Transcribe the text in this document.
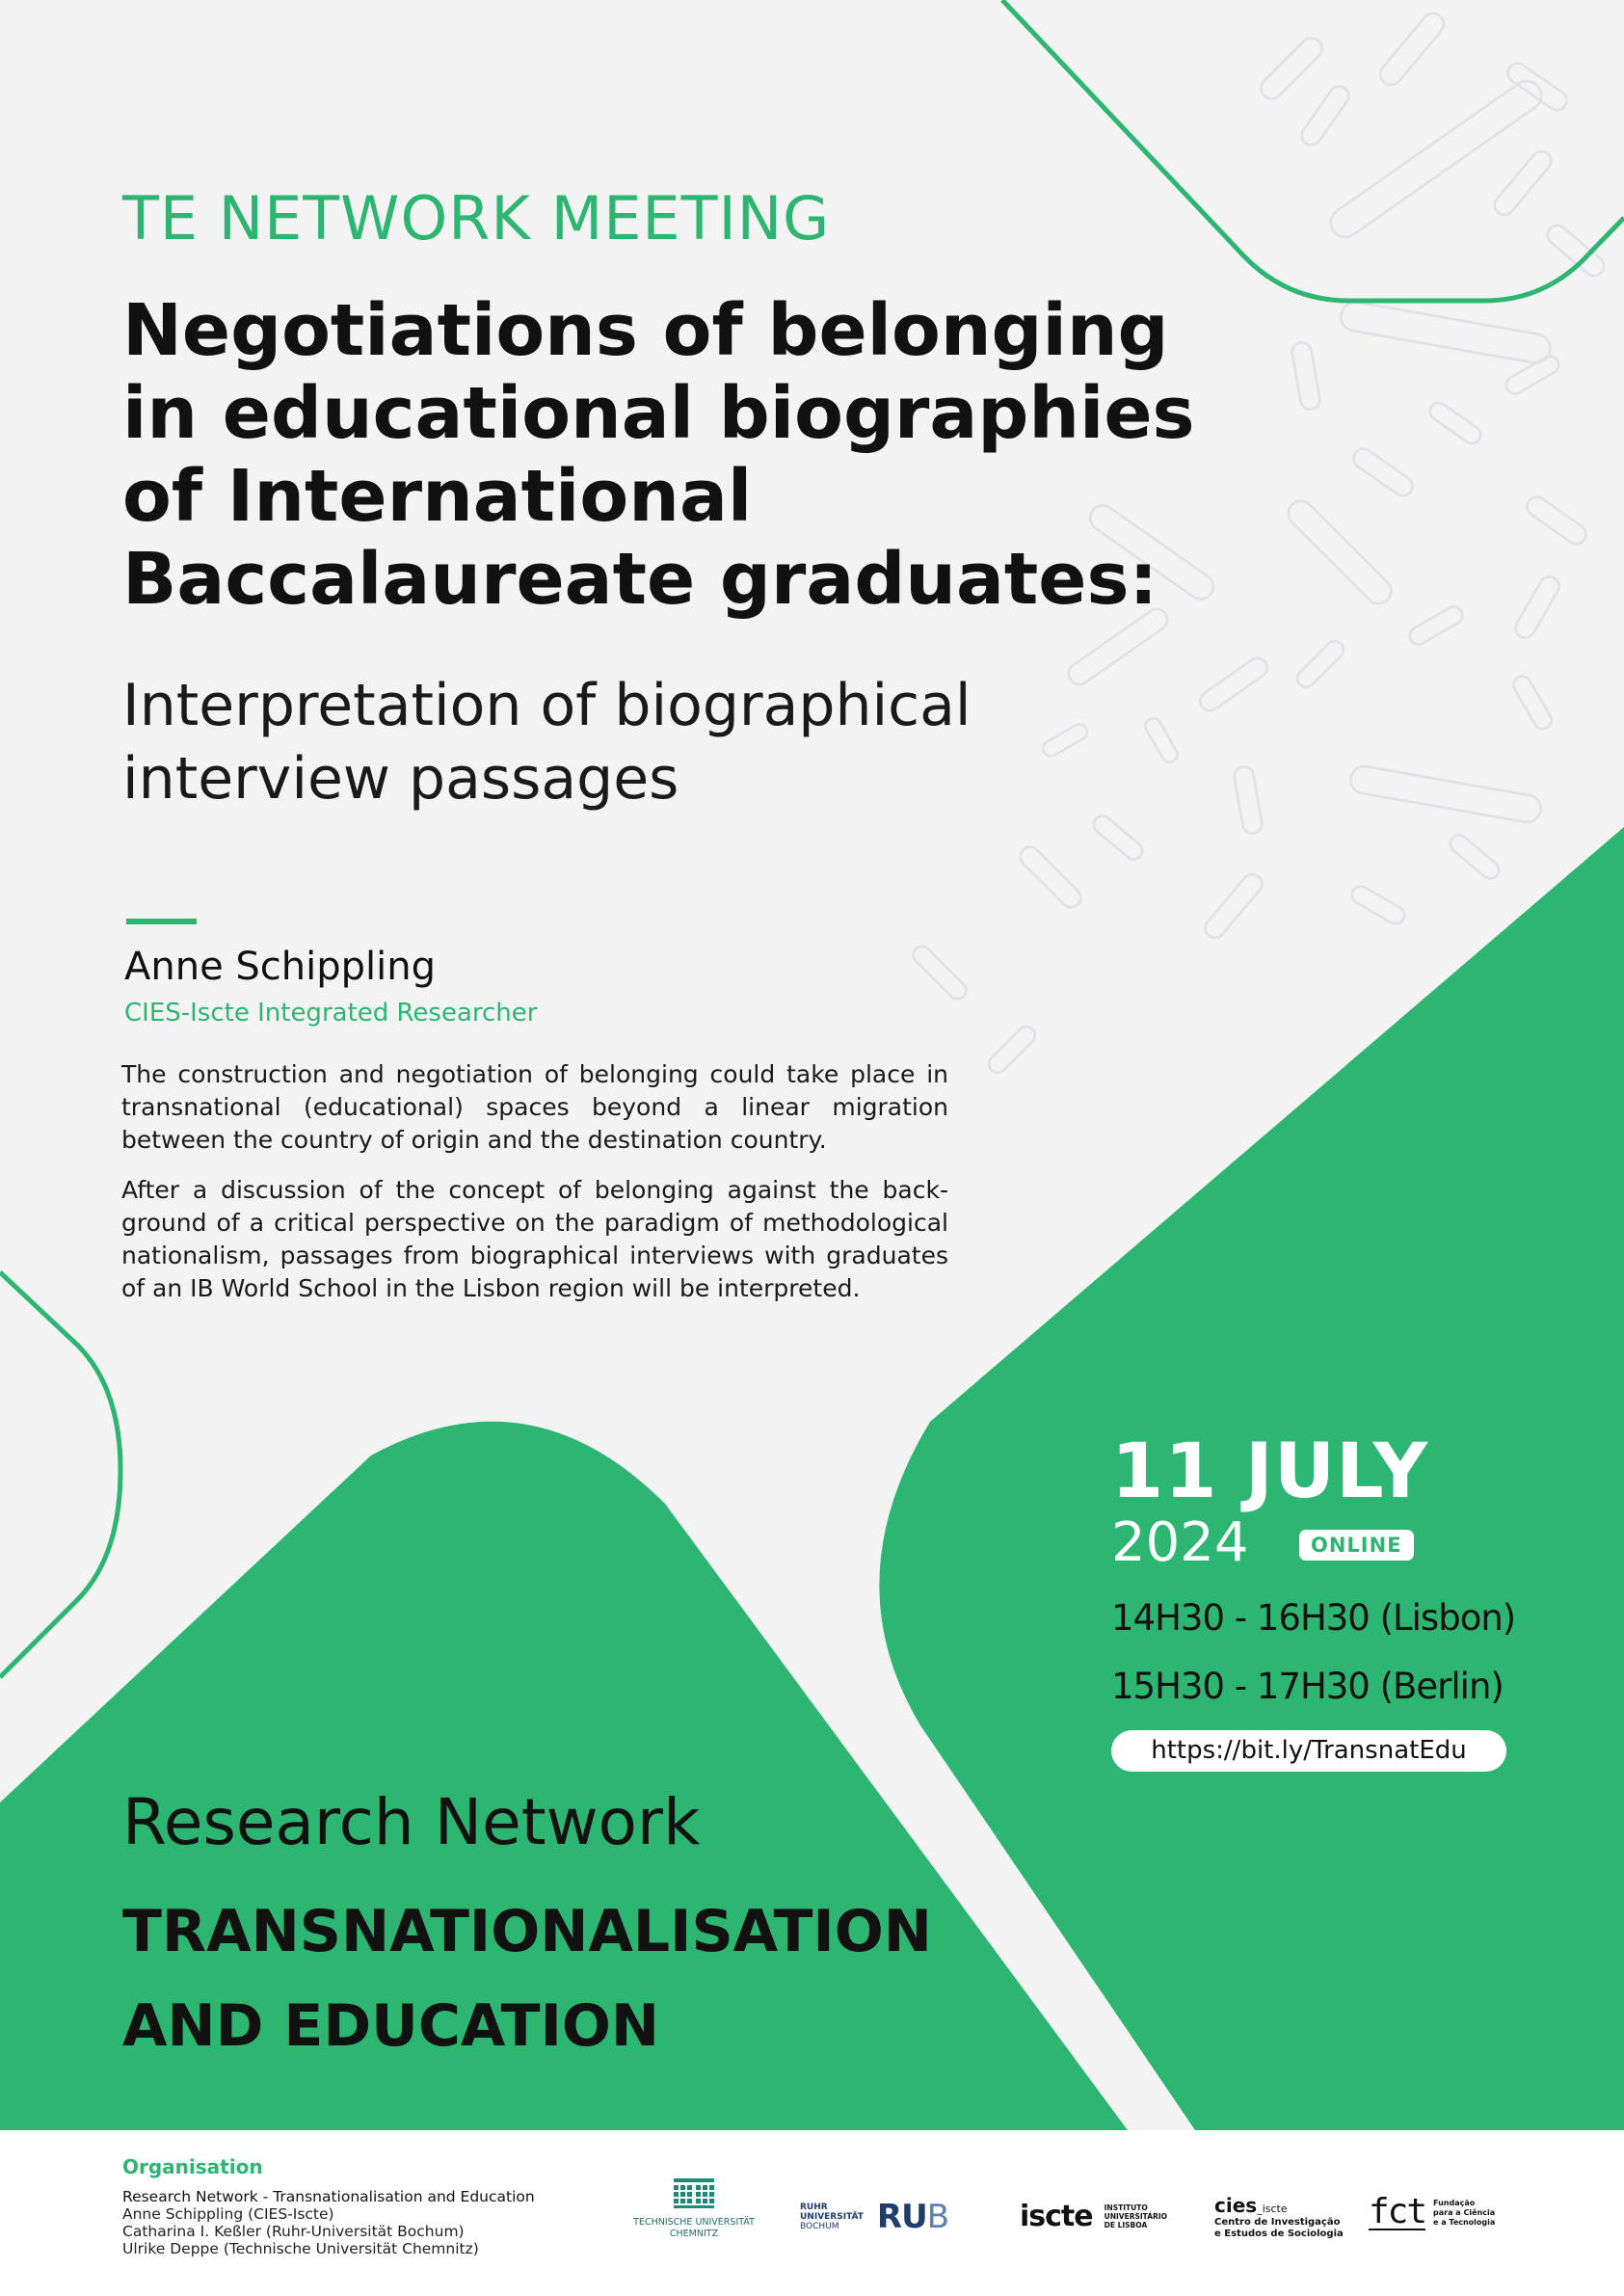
TE NETWORK MEETING
Negotiations of belonging
in educational biographies
of International
Baccalaureate graduates:
Interpretation of biographical
interview passages
Anne Schippling
CIES-Iscte Integrated Researcher

The construction and negotiation of belonging could take place in transnational (educational) spaces beyond a linear migration between the country of origin and the destination country.

After a discussion of the concept of belonging against the back-ground of a critical perspective on the paradigm of methodological nationalism, passages from biographical interviews with graduates of an IB World School in the Lisbon region will be interpreted.

11 JULY
2024	ONLINE
14H30 - 16H30 (Lisbon)
15H30 - 17H30 (Berlin)
https://bit.ly/TransnatEdu
Research Network
TRANSNATIONALISATION
AND EDUCATION
Organisation
Research Network - Transnationalisation and Education
Anne Schippling (CIES-Iscte)
Catharina I. Keßler (Ruhr-Universität Bochum)
Ulrike Deppe (Technische Universität Chemnitz)
TECHNISCHE UNIVERSITÄT
CHEMNITZ
RUHR
UNIVERSITÄT
BOCHUM	RUB iscte INSTITUTO
UNIVERSITÁRIO
DE LISBOA
cies_iscte
Centro de Investigação
e Estudos de Sociologia
fct Fundação
para a Ciência
e a Tecnologia
